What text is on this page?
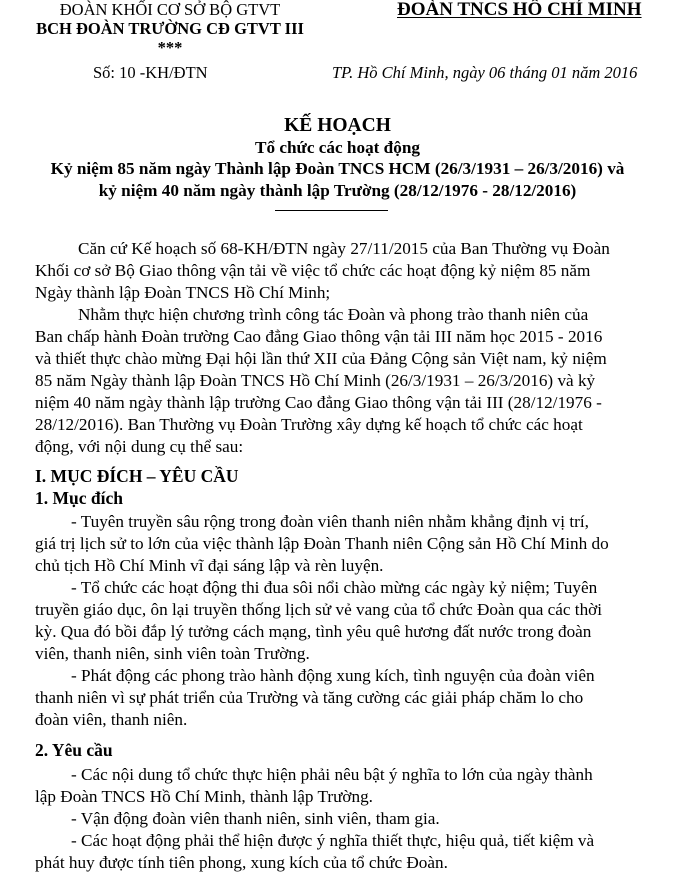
ĐOÀN KHỐI CƠ SỞ BỘ GTVT
BCH ĐOÀN TRƯỜNG CĐ GTVT III
***
Số: 10 -KH/ĐTN
ĐOÀN TNCS HỒ CHÍ MINH
TP. Hồ Chí Minh, ngày 06 tháng 01 năm 2016
KẾ HOẠCH
Tổ chức các hoạt động
Kỷ niệm 85 năm ngày Thành lập Đoàn TNCS HCM (26/3/1931 – 26/3/2016) và
kỷ niệm 40 năm ngày thành lập Trường (28/12/1976 - 28/12/2016)
Căn cứ Kế hoạch số 68-KH/ĐTN ngày 27/11/2015 của Ban Thường vụ Đoàn
Khối cơ sở Bộ Giao thông vận tải về việc tổ chức các hoạt động kỷ niệm 85 năm
Ngày thành lập Đoàn TNCS Hồ Chí Minh;
Nhằm thực hiện chương trình công tác Đoàn và phong trào thanh niên của
Ban chấp hành Đoàn trường Cao đẳng Giao thông vận tải III năm học 2015 - 2016
và thiết thực chào mừng Đại hội lần thứ XII của Đảng Cộng sản Việt nam, kỷ niệm
85 năm Ngày thành lập Đoàn TNCS Hồ Chí Minh (26/3/1931 – 26/3/2016) và kỷ
niệm 40 năm ngày thành lập trường Cao đẳng Giao thông vận tải III (28/12/1976 -
28/12/2016). Ban Thường vụ Đoàn Trường xây dựng kế hoạch tổ chức các hoạt
động, với nội dung cụ thể sau:
I. MỤC ĐÍCH – YÊU CẦU
1. Mục đích
- Tuyên truyền sâu rộng trong đoàn viên thanh niên nhằm khẳng định vị trí,
giá trị lịch sử to lớn của việc thành lập Đoàn Thanh niên Cộng sản Hồ Chí Minh do
chủ tịch Hồ Chí Minh vĩ đại sáng lập và rèn luyện.
- Tổ chức các hoạt động thi đua sôi nổi chào mừng các ngày kỷ niệm; Tuyên
truyền giáo dục, ôn lại truyền thống lịch sử vẻ vang của tổ chức Đoàn qua các thời
kỳ. Qua đó bồi đắp lý tưởng cách mạng, tình yêu quê hương đất nước trong đoàn
viên, thanh niên, sinh viên toàn Trường.
- Phát động các phong trào hành động xung kích, tình nguyện của đoàn viên
thanh niên vì sự phát triển của Trường và tăng cường các giải pháp chăm lo cho
đoàn viên, thanh niên.
2. Yêu cầu
- Các nội dung tổ chức thực hiện phải nêu bật ý nghĩa to lớn của ngày thành
lập Đoàn TNCS Hồ Chí Minh, thành lập Trường.
- Vận động đoàn viên thanh niên, sinh viên, tham gia.
- Các hoạt động phải thể hiện được ý nghĩa thiết thực, hiệu quả, tiết kiệm và
phát huy được tính tiên phong, xung kích của tổ chức Đoàn.
